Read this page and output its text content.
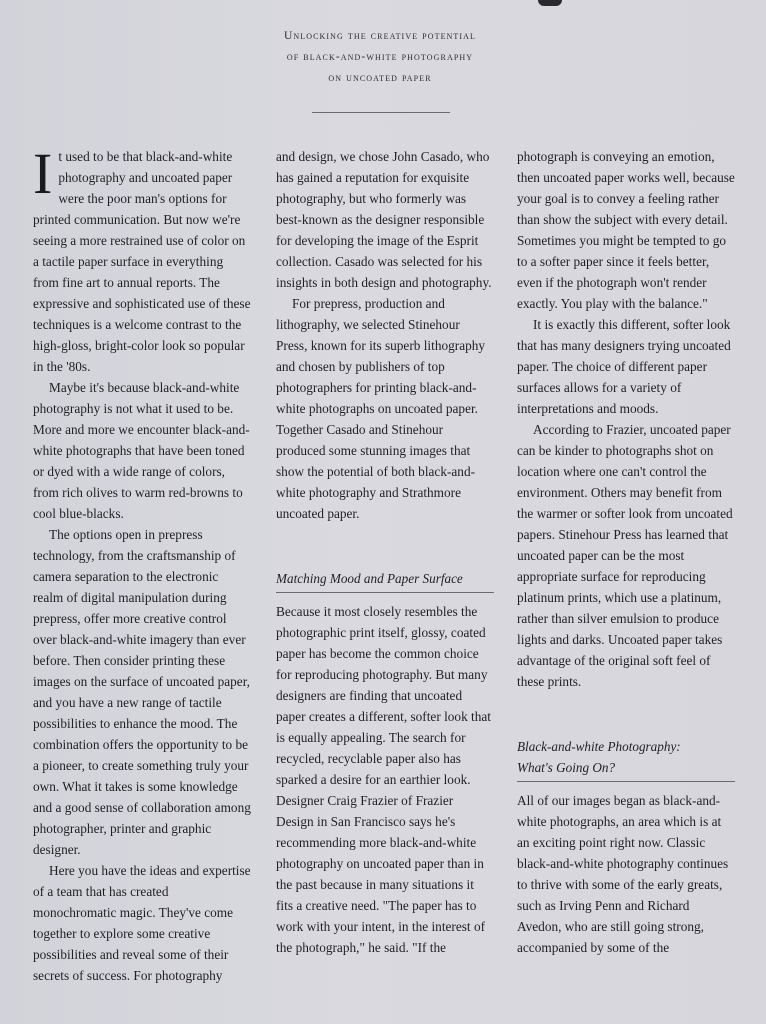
Unlocking the creative potential
of black-and-white photography
on uncoated paper

It used to be that black-and-white photography and uncoated paper were the poor man's options for printed communication. But now we're seeing a more restrained use of color on a tactile paper surface in everything from fine art to annual reports. The expressive and sophisticated use of these techniques is a welcome contrast to the high-gloss, bright-color look so popular in the '80s.

Maybe it's because black-and-white photography is not what it used to be. More and more we encounter black-and-white photographs that have been toned or dyed with a wide range of colors, from rich olives to warm red-browns to cool blue-blacks.

The options open in prepress technology, from the craftsmanship of camera separation to the electronic realm of digital manipulation during prepress, offer more creative control over black-and-white imagery than ever before. Then consider printing these images on the surface of uncoated paper, and you have a new range of tactile possibilities to enhance the mood. The combination offers the opportunity to be a pioneer, to create something truly your own. What it takes is some knowledge and a good sense of collaboration among photographer, printer and graphic designer.

Here you have the ideas and expertise of a team that has created monochromatic magic. They've come together to explore some creative possibilities and reveal some of their secrets of success. For photography

and design, we chose John Casado, who has gained a reputation for exquisite photography, but who formerly was best-known as the designer responsible for developing the image of the Esprit collection. Casado was selected for his insights in both design and photography.

For prepress, production and lithography, we selected Stinehour Press, known for its superb lithography and chosen by publishers of top photographers for printing black-and-white photographs on uncoated paper. Together Casado and Stinehour produced some stunning images that show the potential of both black-and-white photography and Strathmore uncoated paper.

Matching Mood and Paper Surface

Because it most closely resembles the photographic print itself, glossy, coated paper has become the common choice for reproducing photography. But many designers are finding that uncoated paper creates a different, softer look that is equally appealing. The search for recycled, recyclable paper also has sparked a desire for an earthier look. Designer Craig Frazier of Frazier Design in San Francisco says he's recommending more black-and-white photography on uncoated paper than in the past because in many situations it fits a creative need. "The paper has to work with your intent, in the interest of the photograph," he said. "If the

photograph is conveying an emotion, then uncoated paper works well, because your goal is to convey a feeling rather than show the subject with every detail. Sometimes you might be tempted to go to a softer paper since it feels better, even if the photograph won't render exactly. You play with the balance."

It is exactly this different, softer look that has many designers trying uncoated paper. The choice of different paper surfaces allows for a variety of interpretations and moods.

According to Frazier, uncoated paper can be kinder to photographs shot on location where one can't control the environment. Others may benefit from the warmer or softer look from uncoated papers. Stinehour Press has learned that uncoated paper can be the most appropriate surface for reproducing platinum prints, which use a platinum, rather than silver emulsion to produce lights and darks. Uncoated paper takes advantage of the original soft feel of these prints.

Black-and-white Photography:
What's Going On?

All of our images began as black-and-white photographs, an area which is at an exciting point right now. Classic black-and-white photography continues to thrive with some of the early greats, such as Irving Penn and Richard Avedon, who are still going strong, accompanied by some of the
